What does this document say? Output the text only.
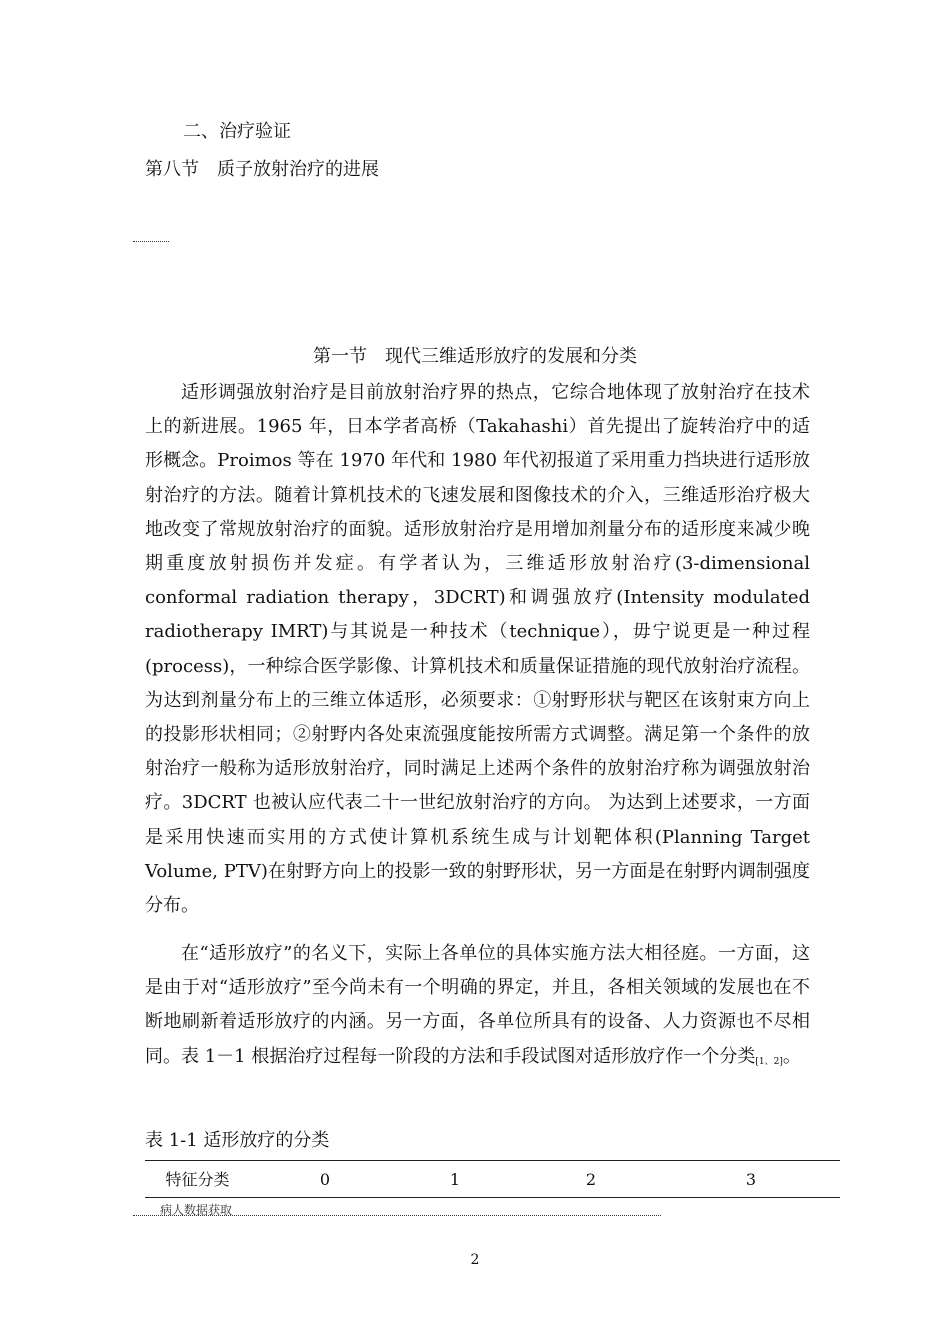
二、治疗验证
第八节　质子放射治疗的进展
第一节　现代三维适形放疗的发展和分类

适形调强放射治疗是目前放射治疗界的热点，它综合地体现了放射治疗在技术上的新进展。1965 年，日本学者高桥（Takahashi）首先提出了旋转治疗中的适形概念。Proimos 等在 1970 年代和 1980 年代初报道了采用重力挡块进行适形放射治疗的方法。随着计算机技术的飞速发展和图像技术的介入，三维适形治疗极大地改变了常规放射治疗的面貌。适形放射治疗是用增加剂量分布的适形度来减少晚期重度放射损伤并发症。有学者认为，三维适形放射治疗(3-dimensional conformal radiation therapy，3DCRT)和调强放疗(Intensity modulated radiotherapy IMRT)与其说是一种技术（technique），毋宁说更是一种过程(process)，一种综合医学影像、计算机技术和质量保证措施的现代放射治疗流程。 为达到剂量分布上的三维立体适形，必须要求：①射野形状与靶区在该射束方向上的投影形状相同；②射野内各处束流强度能按所需方式调整。满足第一个条件的放射治疗一般称为适形放射治疗，同时满足上述两个条件的放射治疗称为调强放射治疗。3DCRT 也被认应代表二十一世纪放射治疗的方向。 为达到上述要求，一方面是采用快速而实用的方式使计算机系统生成与计划靶体积(Planning Target Volume, PTV)在射野方向上的投影一致的射野形状，另一方面是在射野内调制强度分布。

在“适形放疗”的名义下，实际上各单位的具体实施方法大相径庭。一方面，这是由于对“适形放疗”至今尚未有一个明确的界定，并且，各相关领域的发展也在不断地刷新着适形放疗的内涵。另一方面，各单位所具有的设备、人力资源也不尽相同。表 1－1 根据治疗过程每一阶段的方法和手段试图对适形放疗作一个分类[1、2]。

表 1-1 适形放疗的分类
特征分类	0	1	2	3
病人数据获取
2
